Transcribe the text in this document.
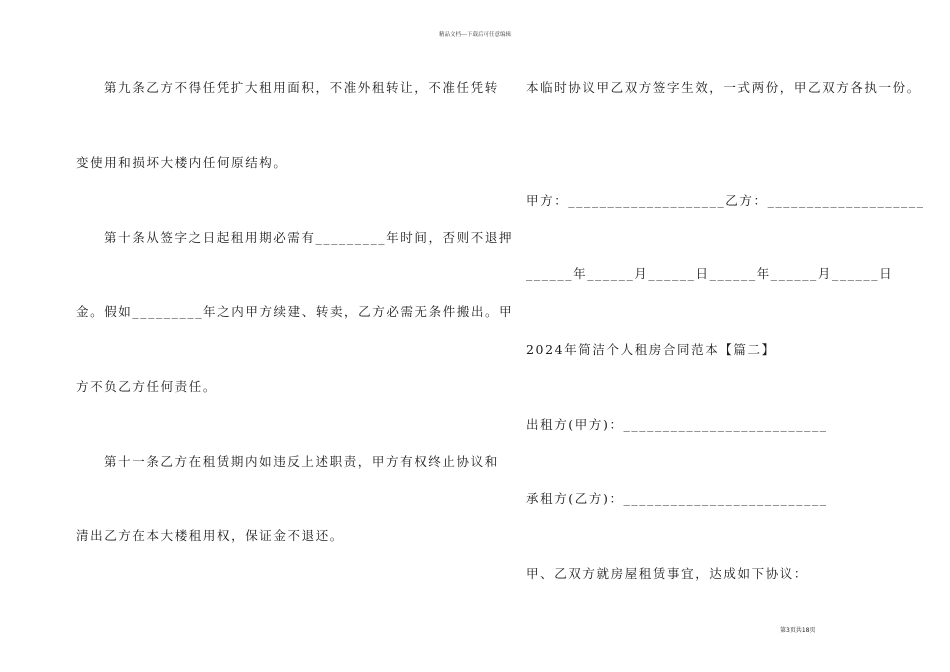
精品文档---下载后可任意编辑
第九条乙方不得任凭扩大租用面积，不准外租转让，不准任凭转
变使用和损坏大楼内任何原结构。
第十条从签字之日起租用期必需有_________年时间，否则不退押
金。假如_________年之内甲方续建、转卖，乙方必需无条件搬出。甲
方不负乙方任何责任。
第十一条乙方在租赁期内如违反上述职责，甲方有权终止协议和
清出乙方在本大楼租用权，保证金不退还。
本临时协议甲乙双方签字生效，一式两份，甲乙双方各执一份。
甲方：____________________乙方：____________________
______年______月______日______年______月______日
2024年简洁个人租房合同范本【篇二】
出租方(甲方)：__________________________
承租方(乙方)：__________________________
甲、乙双方就房屋租赁事宜，达成如下协议：
第3页共18页
